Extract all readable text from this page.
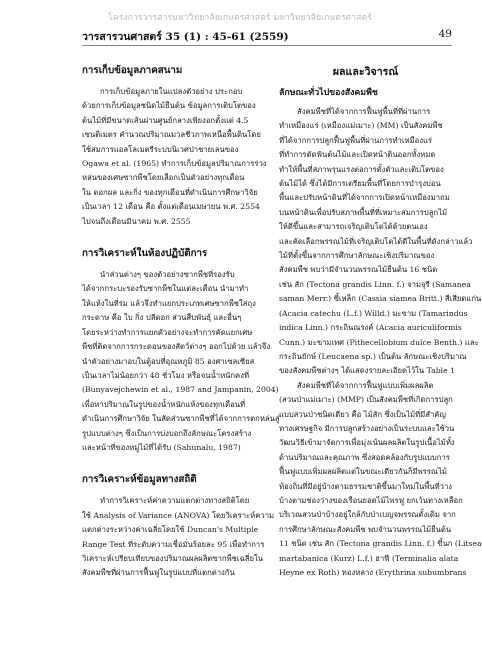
โครงการวารสารมหาวิทยาลัยเกษตรศาสตร์ มหาวิทยาลัยเกษตรศาสตร์
วารสารวนศาสตร์ 35 (1) : 45-61 (2559)	49
การเก็บข้อมูลภาคสนาม
การเก็บข้อมูลภายในแปลงตัวอย่าง ประกอบ
ด้วยการเก็บข้อมูลชนิดไม้ยืนต้น ข้อมูลการเติบโตของ
ต้นไม้ที่มีขนาดเส้นผ่านศูนย์กลางเพียงอกตั้งแต่ 4.5
เซนติเมตร คำนวณปริมาณมวลชีวภาพเหนือพื้นดินโดย
ใช้สมการแอลโลเมตรีระบบนิเวศป่าชายเลนของ
Ogawa et al. (1965) ทำการเก็บข้อมูลปริมาณการร่วง
หล่นของเศษซากพืชโดยเลือกเป็นตัวอย่างทุกเดือน
ใน ดอกผล และกิ่ง ของทุกเดือนที่ดำเนินการศึกษาวิจัย
เป็นเวลา 12 เดือน คือ ตั้งแต่เดือนเมษายน พ.ศ. 2554
ไปจนถึงเดือนมีนาคม พ.ศ. 2555
การวิเคราะห์ในห้องปฏิบัติการ
นำส่วนต่างๆ ของตัวอย่างซากพืชที่รองรับ
ได้จากกระบะรองรับซากพืชในแต่ละเดือน นำมาทำ
ให้แห้งในที่ร่ม แล้วจึงทำแยกประเภทเศษซากพืชใส่ถุง
กระดาษ คือ ใบ กิ่ง ปลีดอก ส่วนสืบพันธุ์ และอื่นๆ
โดยระหว่างทำการแยกตัวอย่างจะทำการคัดแยกเศษ
พืชที่ติดจากการกระดอนของสัตว์ต่างๆ ออกไปด้วย แล้วจึง
นำตัวอย่างมาอบในตู้อบที่อุณหภูมิ 85 องศาเซลเซียส
เป็นเวลาไม่น้อยกว่า 48 ชั่วโมง หรือจนน้ำหนักคงที่
(Bunyavejchewin et al., 1987 and Jampanin, 2004)
เพื่อหาปริมาณในรูปของน้ำหนักแห้งของทุกเดือนที่
ดำเนินการศึกษาวิจัย ในสัดส่วนซากพืชที่ได้จากการตกหล่นสู่
รูปแบบต่างๆ ซึ่งเป็นการบ่งบอกถึงลักษณะโครงสร้าง
และหน้าที่ของหมู่ไม้ที่ได้รับ (Sahunalu, 1987)
การวิเคราะห์ข้อมูลทางสถิติ
ทำการวิเคราะห์ค่าความแตกต่างทางสถิติโดย
ใช้ Analysis of Variance (ANOVA) โดยวิเคราะห์ความ
แตกต่างระหว่างค่าเฉลี่ยโดยใช้ Duncan's Multiple
Range Test ที่ระดับความเชื่อมั่นร้อยละ 95 เพื่อทำการ
วิเคราะห์เปรียบเทียบของปริมาณผลผลิตซากพืชเฉลี่ยใน
สังคมพืชที่ผ่านการฟื้นฟูในรูปแบบที่แตกต่างกัน
ผลและวิจารณ์
ลักษณะทั่วไปของสังคมพืช
สังคมพืชที่ได้จากการฟื้นฟูพื้นที่ที่ผ่านการ
ทำเหมืองแร่ (เหมืองแม่เมาะ) (MM) เป็นสังคมพืช
ที่ได้จากการปลูกฟื้นฟูพื้นที่ผ่านการทำเหมืองแร่
ที่ทำการตัดฟันต้นไม้และเปิดหน้าดินออกทั้งหมด
ทำให้พื้นที่สภาพรุนแรงต่อการตั้งตัวและเติบโตของ
ต้นไม้ได้ ซึ่งได้มีการเตรียมพื้นที่โดยการบำรุงบ่อน
พื้นและปรับหน้าดินที่ได้จากการเปิดหน้าเหมืองมาถม
บนหน้าดินเพื่อปรับสภาพพื้นที่ที่เหมาะสมการปลูกไม้
ให้ดีขึ้นและสามารถเจริญเติบโตได้ด้วยตนเอง
และคัดเลือกพรรณไม้ที่เจริญเติบโตได้ดีในพื้นที่ดังกล่าวแล้ว
ไม้ที่ตั้งขึ้นจากการศึกษาลักษณะเชิงปริมาณของ
สังคมพืช พบว่ามีจำนวนพรรณไม้ยืนต้น 16 ชนิด
เช่น สัก (Tectona grandis Linn. f.) จามจุรี (Samanea
saman Merr.) ขี้เหล็ก (Cassia siamea Britt.) สีเสียดแก่น
(Acacia catechu (L.f.) Willd.) มะขาม (Tamarindus
indica Linn.) กระถินณรงค์ (Acacia auriculiformis
Cunn.) มะขามเทศ (Pithecellobium dulce Benth.) และ
กระถินยักษ์ (Leucaena sp.) เป็นต้น ลักษณะเชิงปริมาณ
ของสังคมพืชต่างๆ ได้แสดงรายละเอียดไว้ใน Table 1
สังคมพืชที่ได้จากการฟื้นฟูแบบเพิ่มผลผลิต
(สวนป่าแม่เมาะ) (MMP) เป็นสังคมพืชที่เกิดการปลูก
แบบสวนป่าชนิดเดียว คือ ไม้สัก ซึ่งเป็นไม้ที่มีสำคัญ
ทางเศรษฐกิจ มีการปลูกสร้างอย่างเป็นระบบและใช้วน
วัฒนวิธีเข้ามาจัดการเพื่อมุ่งเน้นผลผลิตในรูปเนื้อไม้ทั้ง
ด้านปริมาณและคุณภาพ ซึ่งสอดคล้องกับรูปแบบการ
ฟื้นฟูแบบเพิ่มผลผลิตแต่ในขณะเดียวกันก็มีพรรณไม้
ท้องถิ่นที่มีอยู่บ้างตามธรรมชาติขึ้นมาใหม่ในพื้นที่ว่าง
บ้างตามช่องว่างของเรือนยอดไม้ไพรฟู ยกเว้นทางเหลือก
บริเวณสวนป่าบ้างอยู่ใกล้กับป่าเบญจพรรณดั้งเดิม จาก
การศึกษาลักษณะสังคมพืช พบจำนวนพรรณไม้ยืนต้น
11 ชนิด เช่น สัก (Tectona grandis Linn. f.) ขี้นก (Litsea
martabanica (Kurz) L.f.) ฮาฟี (Terminalia alata
Heyne ex Roth) ทองหลาง (Erythrina subumbrans
